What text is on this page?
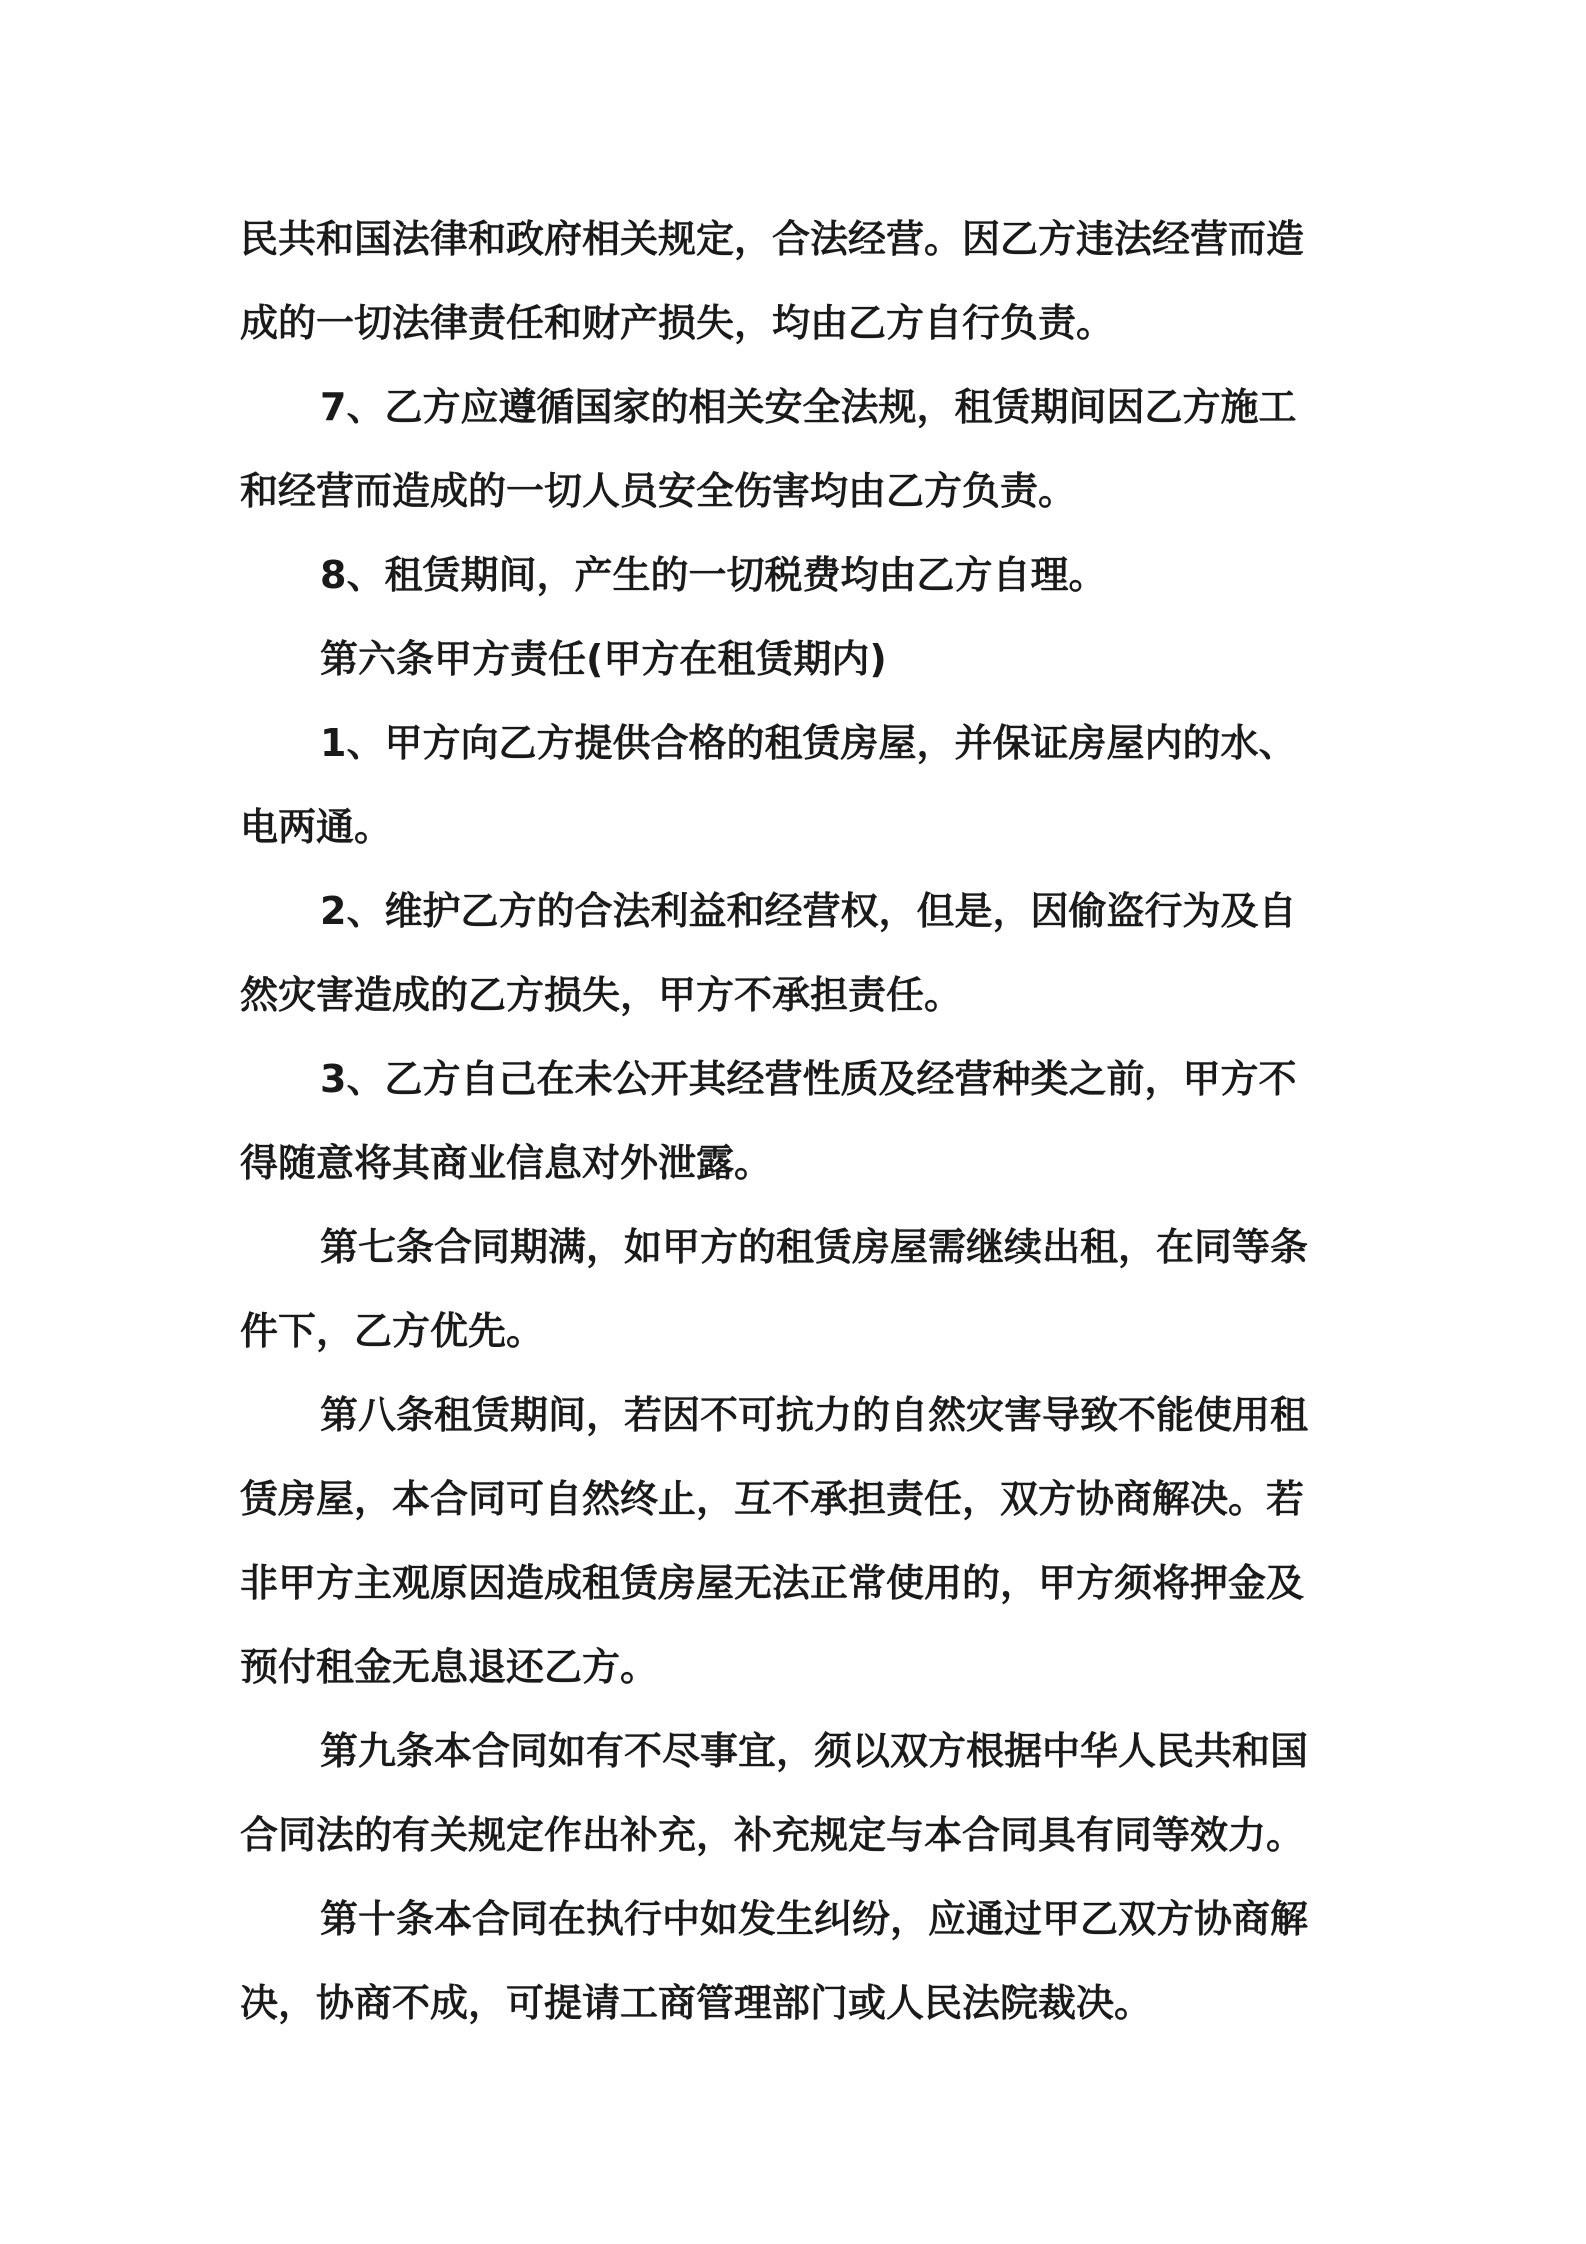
民共和国法律和政府相关规定，合法经营。因乙方违法经营而造
成的一切法律责任和财产损失，均由乙方自行负责。
7、乙方应遵循国家的相关安全法规，租赁期间因乙方施工
和经营而造成的一切人员安全伤害均由乙方负责。
8、租赁期间，产生的一切税费均由乙方自理。
第六条甲方责任(甲方在租赁期内)
1、甲方向乙方提供合格的租赁房屋，并保证房屋内的水、
电两通。
2、维护乙方的合法利益和经营权，但是，因偷盗行为及自
然灾害造成的乙方损失，甲方不承担责任。
3、乙方自己在未公开其经营性质及经营种类之前，甲方不
得随意将其商业信息对外泄露。
第七条合同期满，如甲方的租赁房屋需继续出租，在同等条
件下，乙方优先。
第八条租赁期间，若因不可抗力的自然灾害导致不能使用租
赁房屋，本合同可自然终止，互不承担责任，双方协商解决。若
非甲方主观原因造成租赁房屋无法正常使用的，甲方须将押金及
预付租金无息退还乙方。
第九条本合同如有不尽事宜，须以双方根据中华人民共和国
合同法的有关规定作出补充，补充规定与本合同具有同等效力。
第十条本合同在执行中如发生纠纷，应通过甲乙双方协商解
决，协商不成，可提请工商管理部门或人民法院裁决。
